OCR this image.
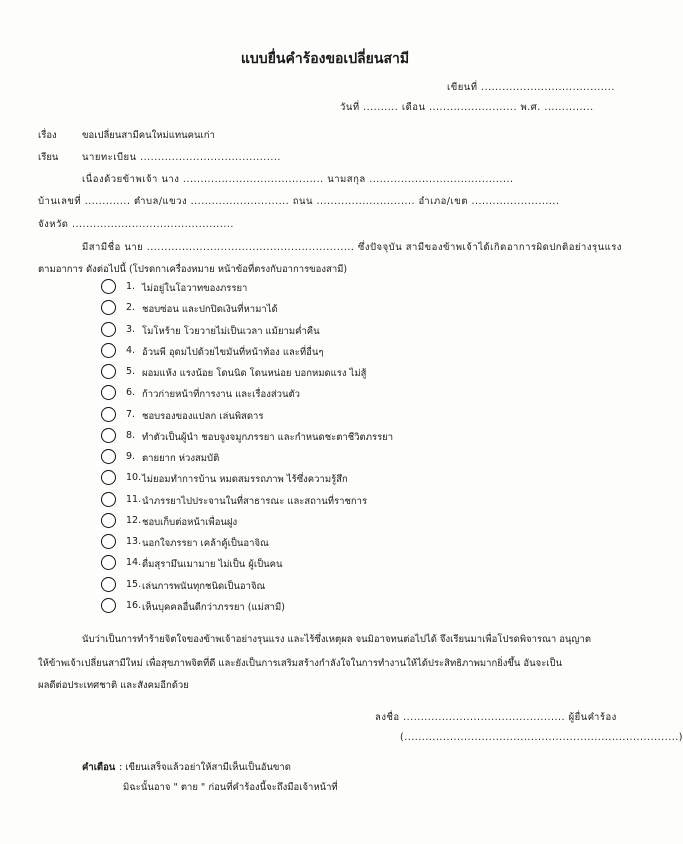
แบบยื่นคำร้องขอเปลี่ยนสามี
เขียนที่ ......................................
วันที่ .......... เดือน ......................... พ.ศ. ..............
เรื่อง	ขอเปลี่ยนสามีคนใหม่แทนคนเก่า
เรียน นายทะเบียน ........................................
เนื่องด้วยข้าพเจ้า นาง ........................................ นามสกุล .........................................
บ้านเลขที่ ............. ตำบล/แขวง ............................ ถนน ............................ อำเภอ/เขต .........................
จังหวัด ..............................................
มีสามีชื่อ นาย ........................................................... ซึ่งปัจจุบัน สามีของข้าพเจ้าได้เกิดอาการผิดปกติอย่างรุนแรง
ตามอาการ ดังต่อไปนี้ (โปรดกาเครื่องหมาย หน้าข้อที่ตรงกับอาการของสามี)
1. ไม่อยู่ในโอวาทของภรรยา
2. ชอบซ่อน และปกปิดเงินที่หามาได้
3. โมโหร้าย โวยวายไม่เป็นเวลา แม้ยามค่ำคืน
4. อ้วนพี อุดมไปด้วยไขมันที่หน้าท้อง และที่อื่นๆ
5. ผอมแห้ง แรงน้อย โดนนิด โดนหน่อย บอกหมดแรง ไม่สู้
6. ก้าวก่ายหน้าที่การงาน และเรื่องส่วนตัว
7. ชอบรองของแปลก เล่นพิสดาร
8. ทำตัวเป็นผู้นำ ชอบจูงจมูกภรรยา และกำหนดชะตาชีวิตภรรยา
9. ตายยาก ห่วงสมบัติ
10. ไม่ยอมทำการบ้าน หมดสมรรถภาพ ไร้ซึ่งความรู้สึก
11. นำภรรยาไปประจานในที่สาธารณะ และสถานที่ราชการ
12. ชอบเก็บต่อหน้าเพื่อนฝูง
13. นอกใจภรรยา เคล้าคู้เป็นอาจิณ
14. ดื่มสุรามึนเมามาย ไม่เป็น ผู้เป็นคน
15. เล่นการพนันทุกชนิดเป็นอาจิณ
16. เห็นบุคคลอื่นดีกว่าภรรยา (แม่สามี)
นับว่าเป็นการทำร้ายจิตใจของข้าพเจ้าอย่างรุนแรง และไร้ซึ่งเหตุผล จนมิอาจทนต่อไปได้ จึงเรียนมาเพื่อโปรดพิจารณา อนุญาต
ให้ข้าพเจ้าเปลี่ยนสามีใหม่ เพื่อสุขภาพจิตที่ดี และยังเป็นการเสริมสร้างกำลังใจในการทำงานให้ได้ประสิทธิภาพมากยิ่งขึ้น อันจะเป็น
ผลดีต่อประเทศชาติ และสังคมอีกด้วย
ลงชื่อ .............................................. ผู้ยื่นคำร้อง
(..............................................................................)
คำเตือน : เขียนเสร็จแล้วอย่าให้สามีเห็นเป็นอันขาด
มิฉะนั้นอาจ " ตาย " ก่อนที่คำร้องนี้จะถึงมือเจ้าหน้าที่
